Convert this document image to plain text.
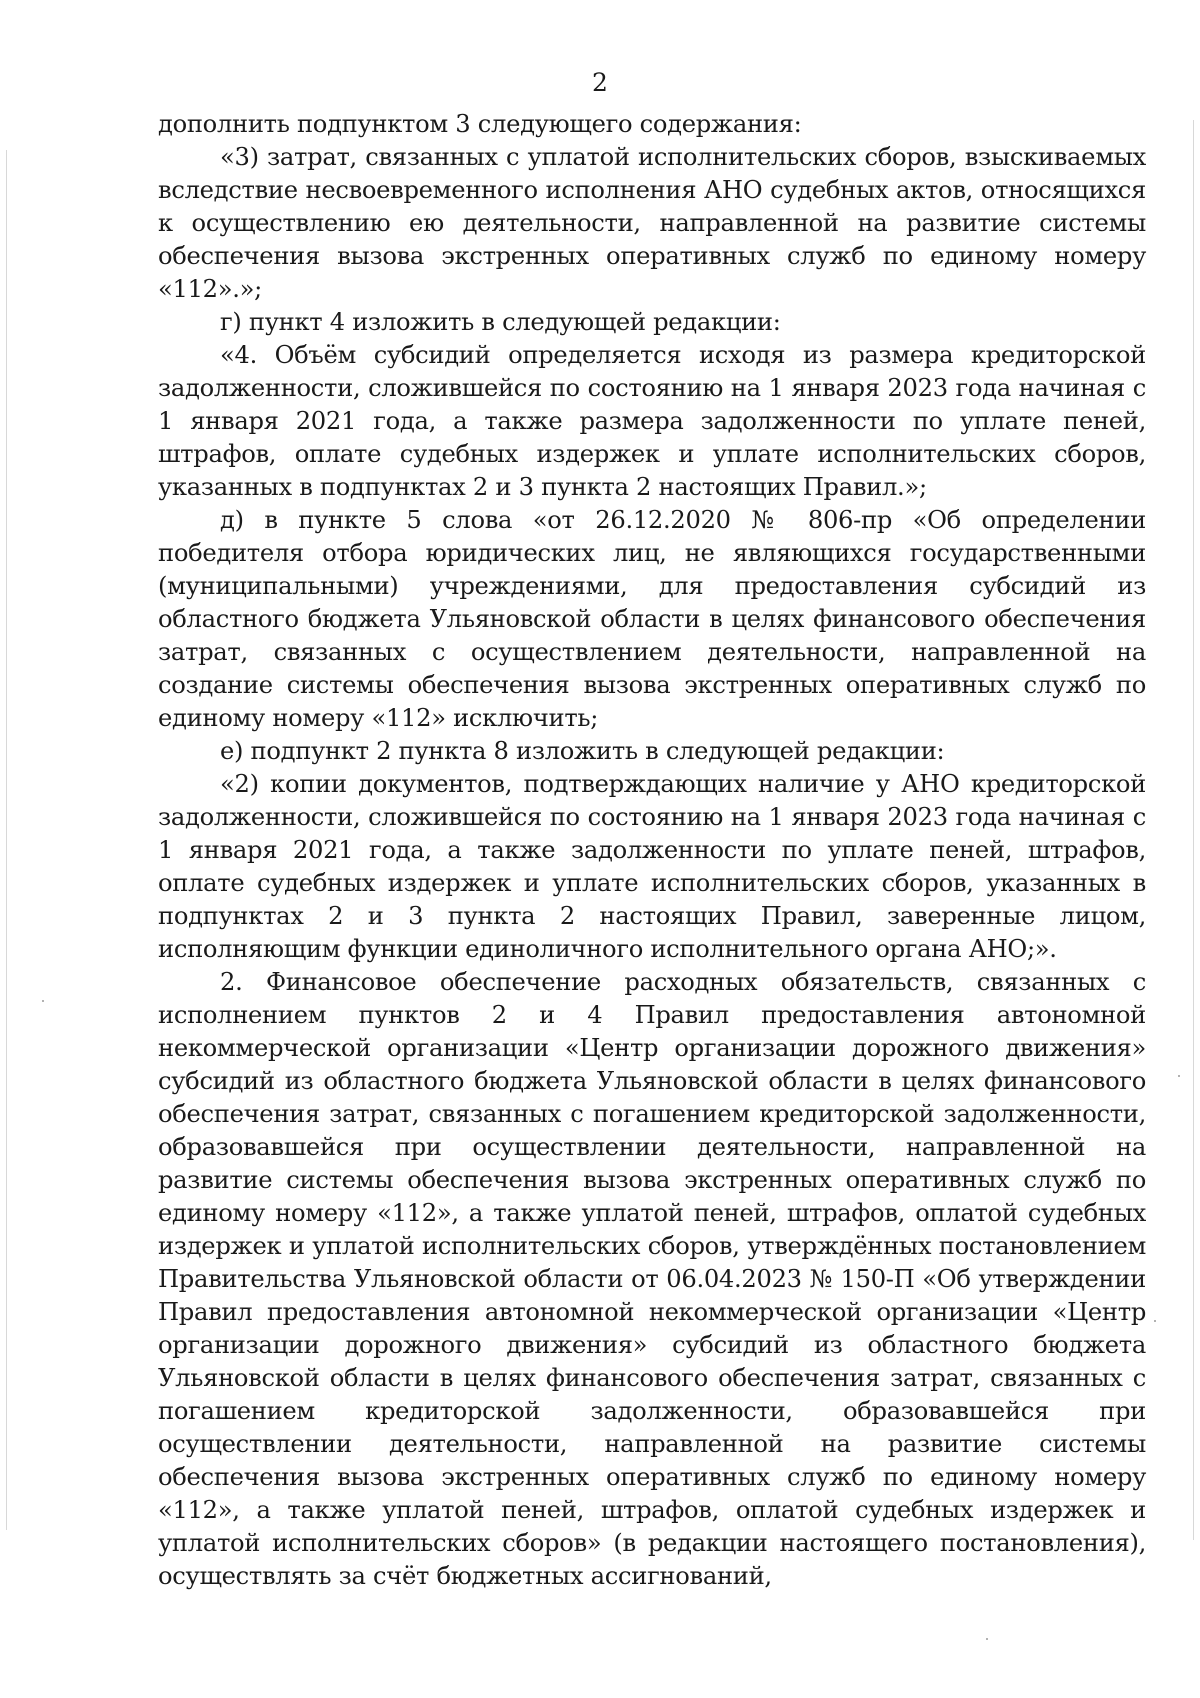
2

дополнить подпунктом 3 следующего содержания:

«3) затрат, связанных с уплатой исполнительских сборов, взыскиваемых вследствие несвоевременного исполнения АНО судебных актов, относящихся к осуществлению ею деятельности, направленной на развитие системы обеспечения вызова экстренных оперативных служб по единому номеру «112».»;

г) пункт 4 изложить в следующей редакции:

«4. Объём субсидий определяется исходя из размера кредиторской задолженности, сложившейся по состоянию на 1 января 2023 года начиная с 1 января 2021 года, а также размера задолженности по уплате пеней, штрафов, оплате судебных издержек и уплате исполнительских сборов, указанных в подпунктах 2 и 3 пункта 2 настоящих Правил.»;

д) в пункте 5 слова «от 26.12.2020 № 806-пр «Об определении победителя отбора юридических лиц, не являющихся государственными (муниципальными) учреждениями, для предоставления субсидий из областного бюджета Ульяновской области в целях финансового обеспечения затрат, связанных с осуществлением деятельности, направленной на создание системы обеспечения вызова экстренных оперативных служб по единому номеру «112» исключить;

е) подпункт 2 пункта 8 изложить в следующей редакции:

«2) копии документов, подтверждающих наличие у АНО кредиторской задолженности, сложившейся по состоянию на 1 января 2023 года начиная с 1 января 2021 года, а также задолженности по уплате пеней, штрафов, оплате судебных издержек и уплате исполнительских сборов, указанных в подпунктах 2 и 3 пункта 2 настоящих Правил, заверенные лицом, исполняющим функции единоличного исполнительного органа АНО;».

2. Финансовое обеспечение расходных обязательств, связанных с исполнением пунктов 2 и 4 Правил предоставления автономной некоммерческой организации «Центр организации дорожного движения» субсидий из областного бюджета Ульяновской области в целях финансового обеспечения затрат, связанных с погашением кредиторской задолженности, образовавшейся при осуществлении деятельности, направленной на развитие системы обеспечения вызова экстренных оперативных служб по единому номеру «112», а также уплатой пеней, штрафов, оплатой судебных издержек и уплатой исполнительских сборов, утверждённых постановлением Правительства Ульяновской области от 06.04.2023 № 150-П «Об утверждении Правил предоставления автономной некоммерческой организации «Центр организации дорожного движения» субсидий из областного бюджета Ульяновской области в целях финансового обеспечения затрат, связанных с погашением кредиторской задолженности, образовавшейся при осуществлении деятельности, направленной на развитие системы обеспечения вызова экстренных оперативных служб по единому номеру «112», а также уплатой пеней, штрафов, оплатой судебных издержек и уплатой исполнительских сборов» (в редакции настоящего постановления), осуществлять за счёт бюджетных ассигнований,
